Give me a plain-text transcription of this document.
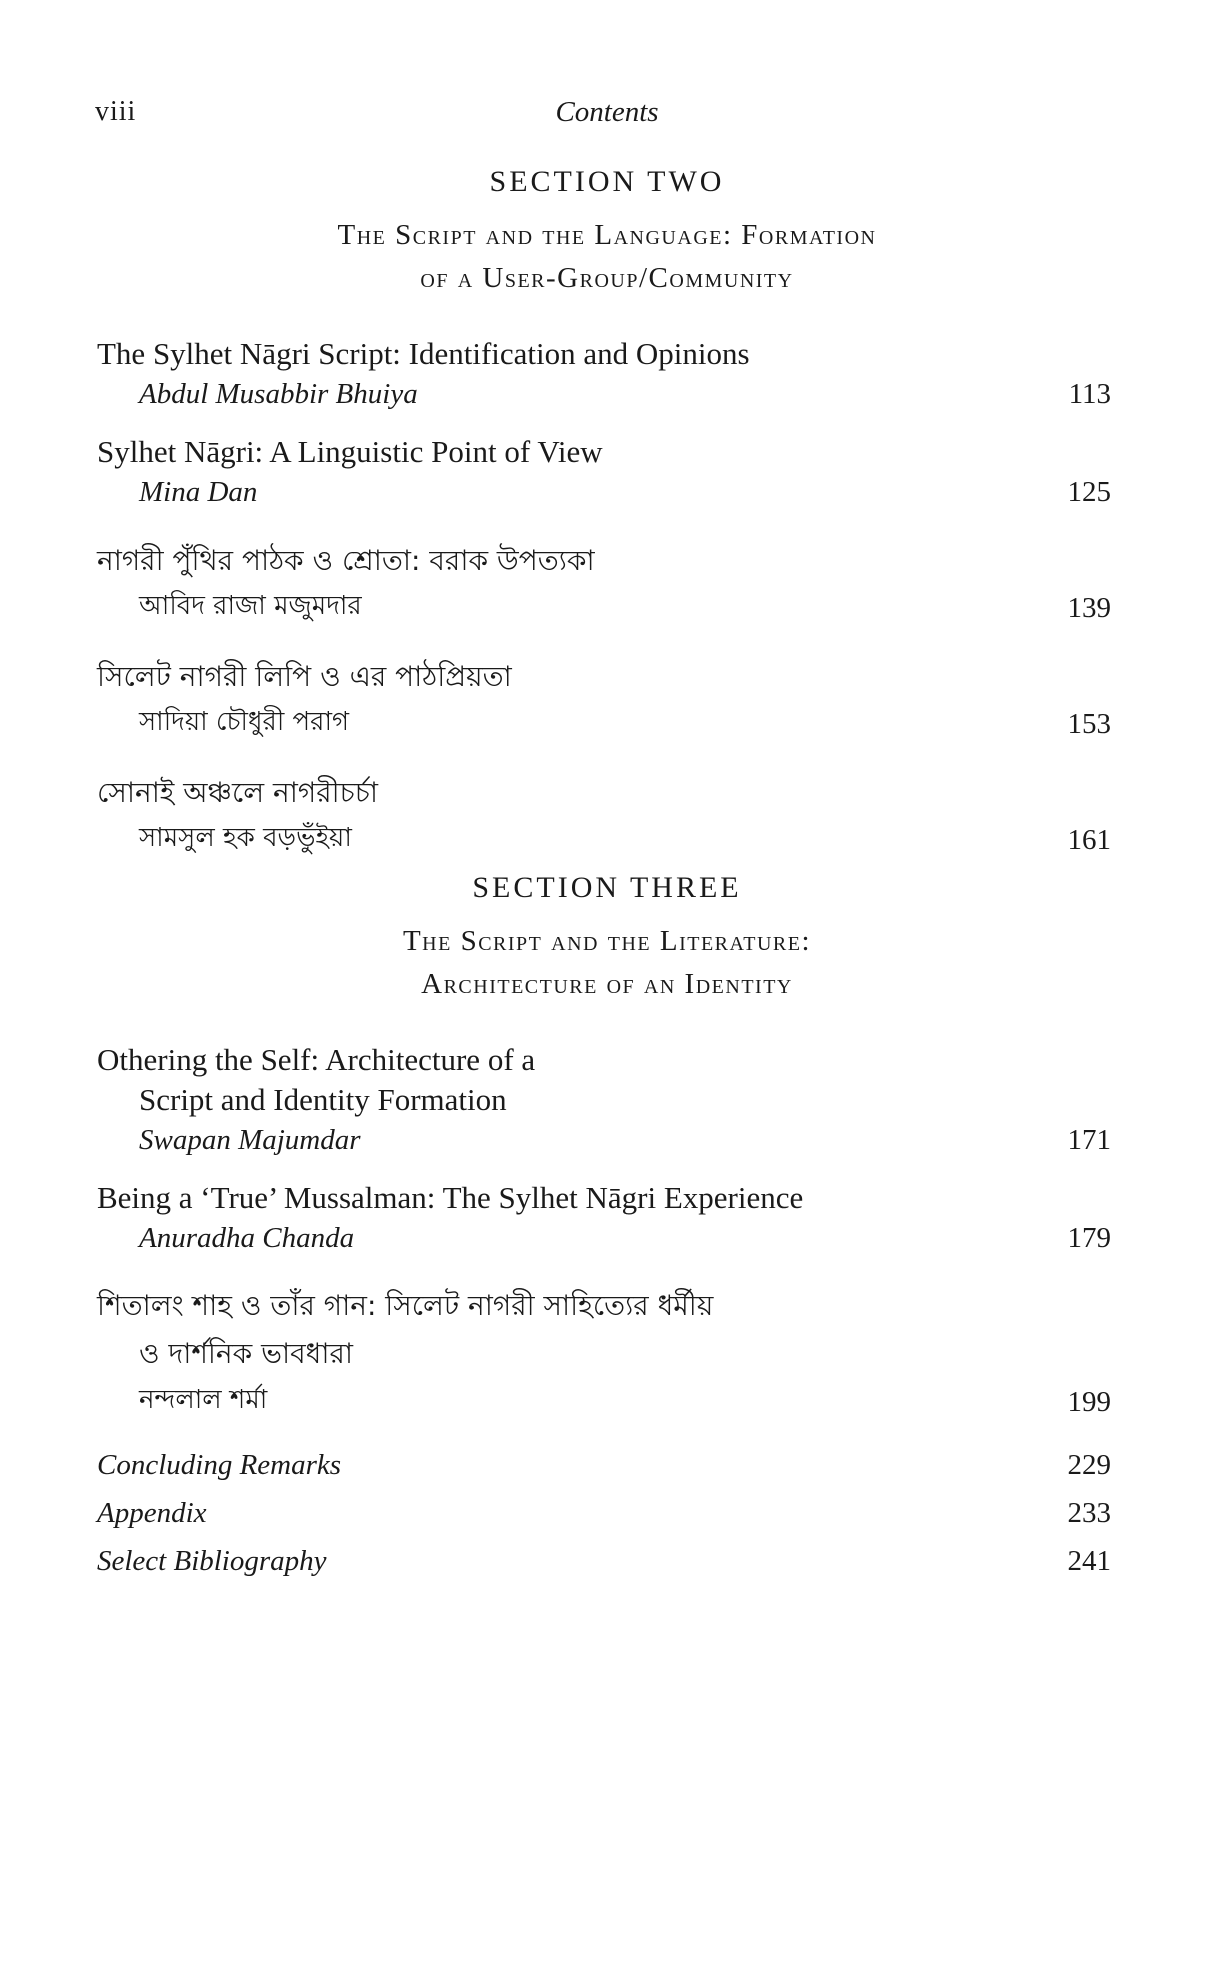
viii	Contents
SECTION TWO
The Script and the Language: Formation
of a User-Group/Community
The Sylhet Nāgri Script: Identification and Opinions
Abdul Musabbir Bhuiya	113
Sylhet Nāgri: A Linguistic Point of View
Mina Dan	125
নাগরী পুঁথির পাঠক ও শ্রোতা: বরাক উপত্যকা
আবিদ রাজা মজুমদার	139
সিলেট নাগরী লিপি ও এর পাঠপ্রিয়তা
সাদিয়া চৌধুরী পরাগ	153
সোনাই অঞ্চলে নাগরীচর্চা
সামসুল হক বড়ভুঁইয়া	161
SECTION THREE
The Script and the Literature:
Architecture of an Identity
Othering the Self: Architecture of a
Script and Identity Formation
Swapan Majumdar	171
Being a ‘True’ Mussalman: The Sylhet Nāgri Experience
Anuradha Chanda	179
শিতালং শাহ ও তাঁর গান: সিলেট নাগরী সাহিত্যের ধর্মীয়
ও দার্শনিক ভাবধারা
নন্দলাল শর্মা	199
Concluding Remarks	229
Appendix	233
Select Bibliography	241
